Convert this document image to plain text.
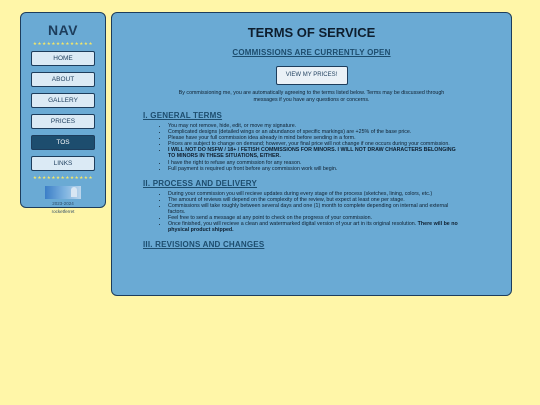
NAV
★★★★★★★★★★★★★
HOME
ABOUT
GALLERY
PRICES
TOS
LINKS
★★★★★★★★★★★★★
2023-2024
rocketferret
TERMS OF SERVICE
COMMISSIONS ARE CURRENTLY OPEN
VIEW MY PRICES!
By commissioning me, you are automatically agreeing to the terms listed below. Terms may be discussed through messages if you have any questions or concerns.
I. GENERAL TERMS
• You may not remove, hide, edit, or move my signature.
• Complicated designs (detailed wings or an abundance of specific markings) are +25% of the base price.
• Please have your full commission idea already in mind before sending in a form.
• Prices are subject to change on demand; however, your final price will not change if one occurs during your commission.
• I WILL NOT DO NSFW / 18+ / FETISH COMMISSIONS FOR MINORS. I WILL NOT DRAW CHARACTERS BELONGING TO MINORS IN THESE SITUATIONS, EITHER.
• I have the right to refuse any commission for any reason.
• Full payment is required up front before any commission work will begin.
II. PROCESS AND DELIVERY
• During your commission you will recieve updates during every stage of the process (sketches, lining, colors, etc.)
• The amount of reviews will depend on the complexity of the review, but expect at least one per stage.
• Commissions will take roughly between several days and one (1) month to complete depending on internal and external factors.
• Feel free to send a message at any point to check on the progress of your commission.
• Once finished, you will recieve a clean and watermarked digital version of your art in its original resolution. There will be no physical product shipped.
III. REVISIONS AND CHANGES
